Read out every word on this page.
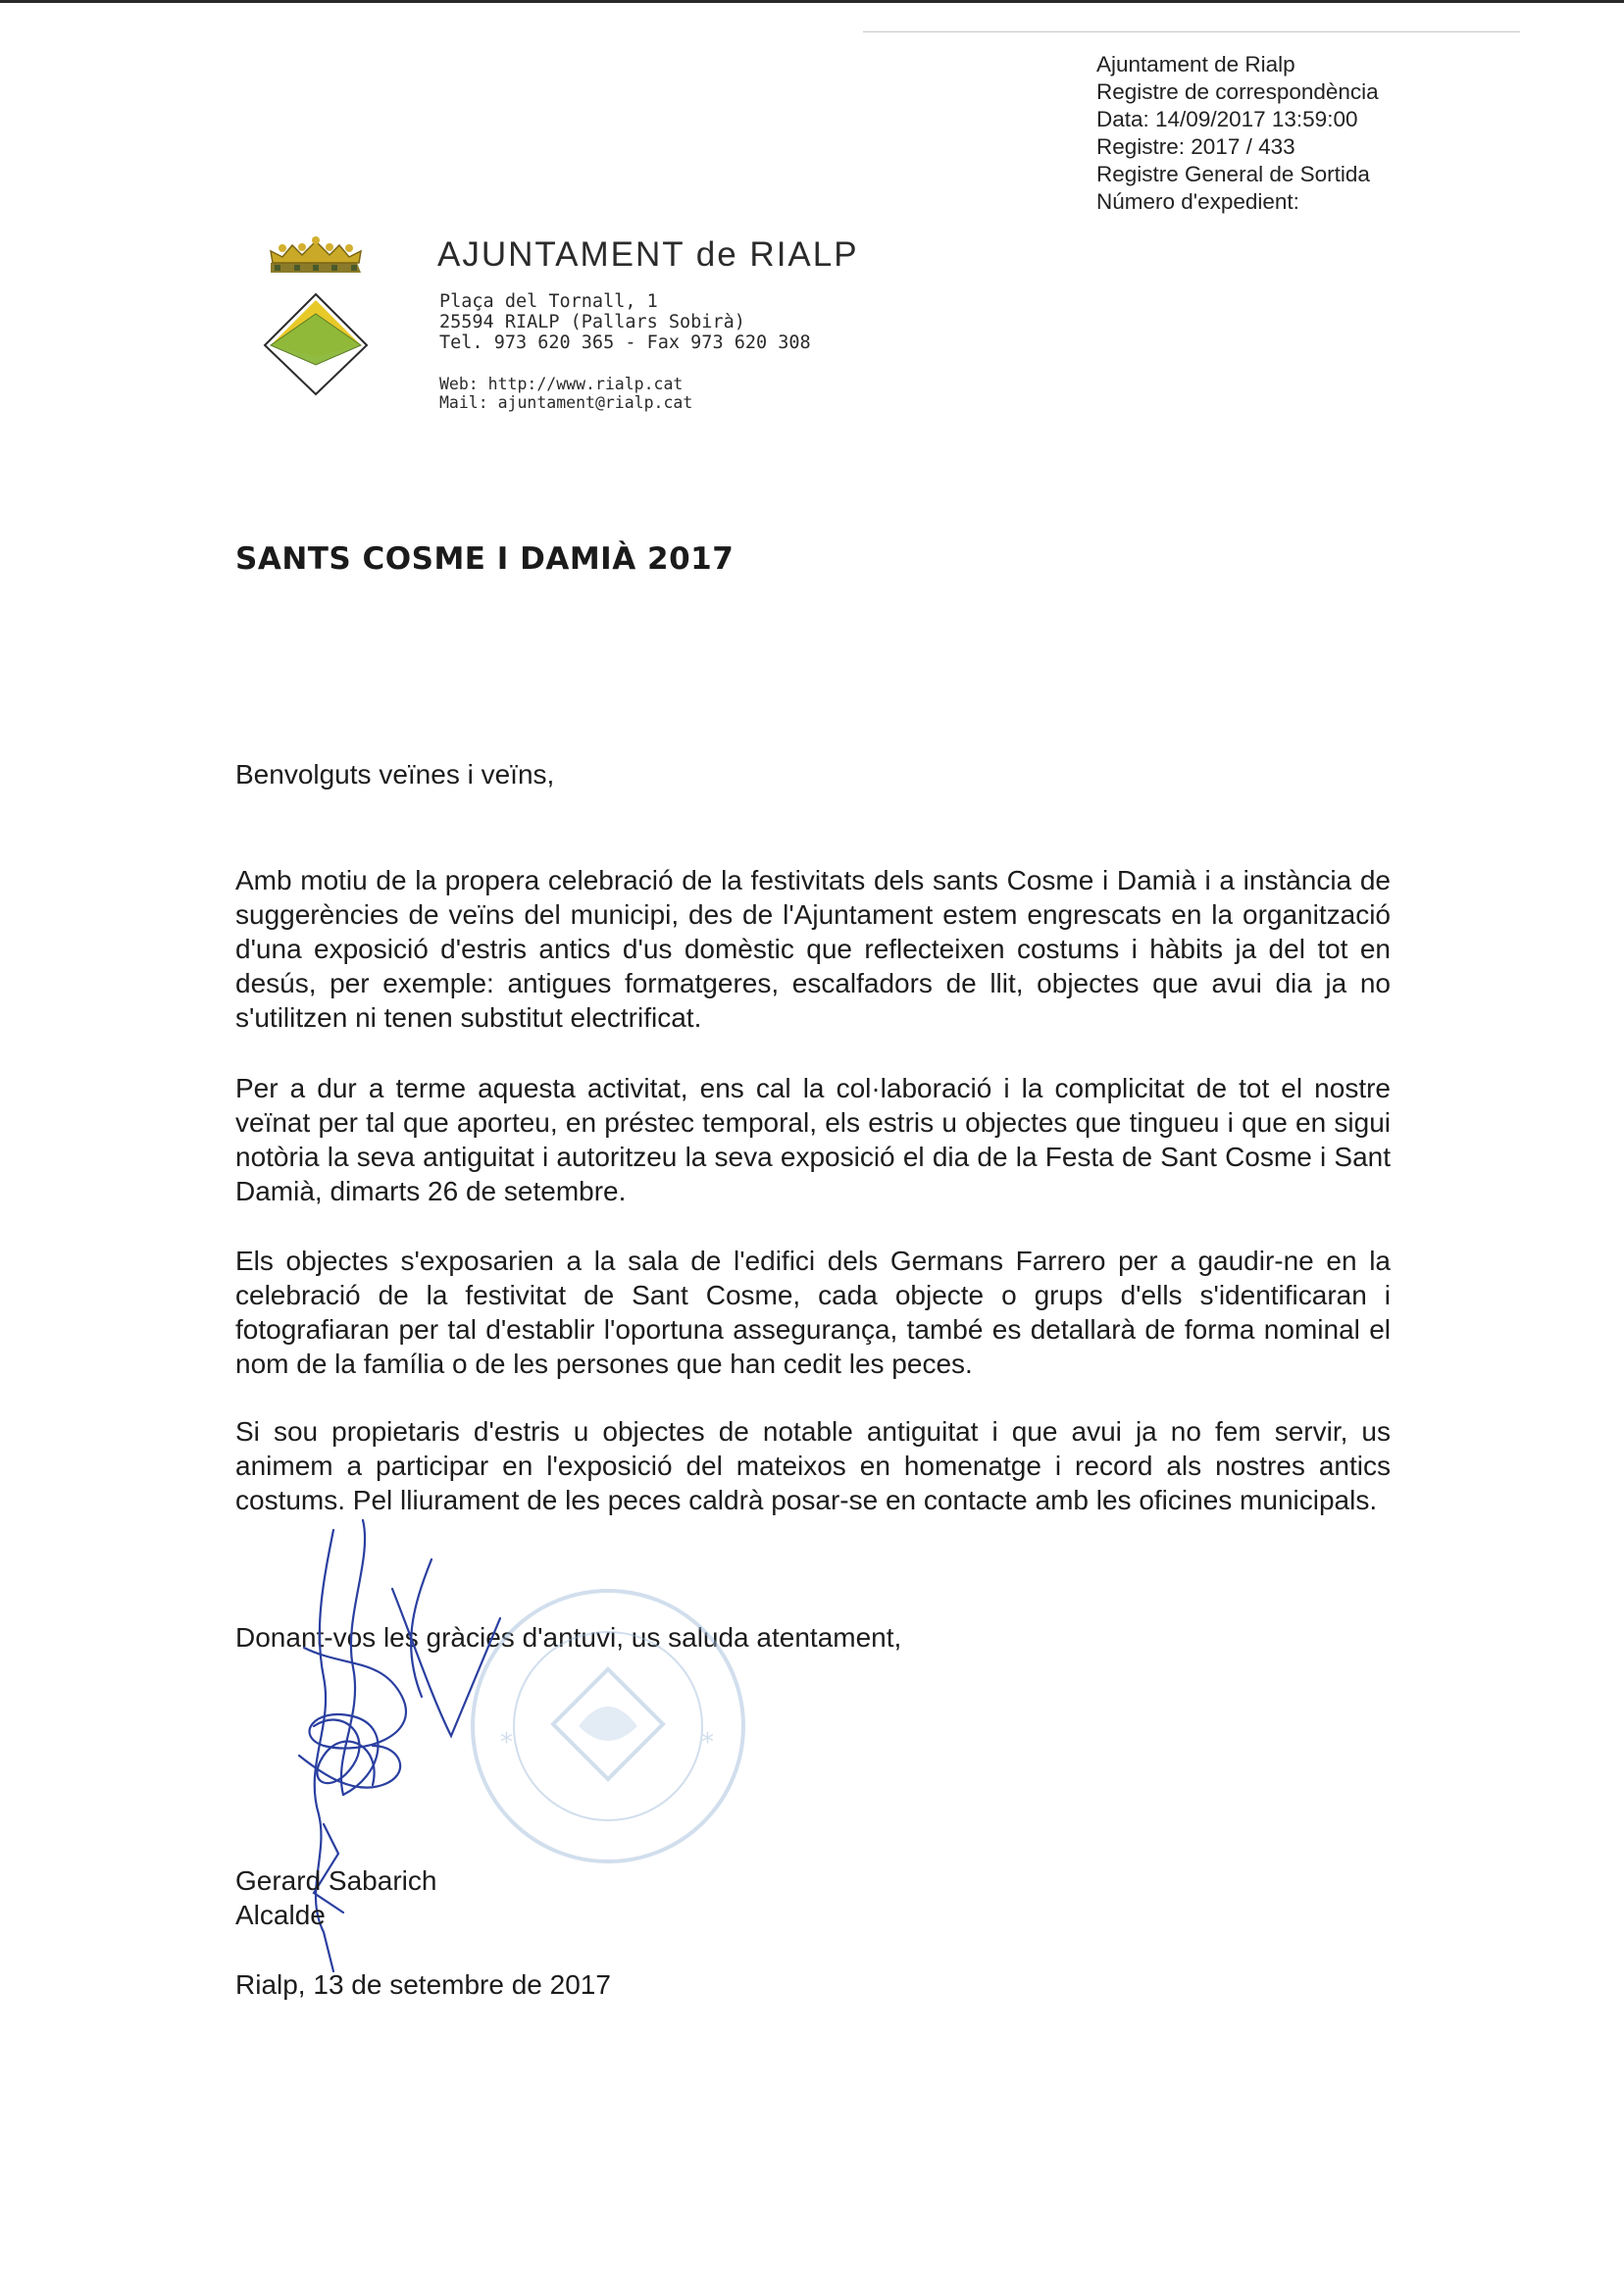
Ajuntament de Rialp
Registre de correspondència
Data: 14/09/2017 13:59:00
Registre: 2017 / 433
Registre General de Sortida
Número d'expedient:
AJUNTAMENT de RIALP
Plaça del Tornall, 1
25594 RIALP (Pallars Sobirà)
Tel. 973 620 365 - Fax 973 620 308
Web: http://www.rialp.cat
Mail: ajuntament@rialp.cat
SANTS COSME I DAMIÀ 2017
Benvolguts veïnes i veïns,
Amb motiu de la propera celebració de la festivitats dels sants Cosme i Damià i a instància de suggerències de veïns del municipi, des de l'Ajuntament estem engrescats en la organització d'una exposició d'estris antics d'us domèstic que reflecteixen costums i hàbits ja del tot en desús, per exemple: antigues formatgeres, escalfadors de llit, objectes que avui dia ja no s'utilitzen ni tenen substitut electrificat.
Per a dur a terme aquesta activitat, ens cal la col·laboració i la complicitat de tot el nostre veïnat per tal que aporteu, en préstec temporal, els estris u objectes que tingueu i que en sigui notòria la seva antiguitat i autoritzeu la seva exposició el dia de la Festa de Sant Cosme i Sant Damià, dimarts 26 de setembre.
Els objectes s'exposarien a la sala de l'edifici dels Germans Farrero per a gaudir-ne en la celebració de la festivitat de Sant Cosme, cada objecte o grups d'ells s'identificaran i fotografiaran per tal d'establir l'oportuna assegurança, també es detallarà de forma nominal el nom de la família o de les persones que han cedit les peces.
Si sou propietaris d'estris u objectes de notable antiguitat i que avui ja no fem servir, us animem a participar en l'exposició del mateixos en homenatge i record als nostres antics costums. Pel lliurament de les peces caldrà posar-se en contacte amb les oficines municipals.
Donant-vos les gràcies d'antuvi, us saluda atentament,
*	*
Gerard Sabarich
Alcalde
Rialp, 13 de setembre de 2017
